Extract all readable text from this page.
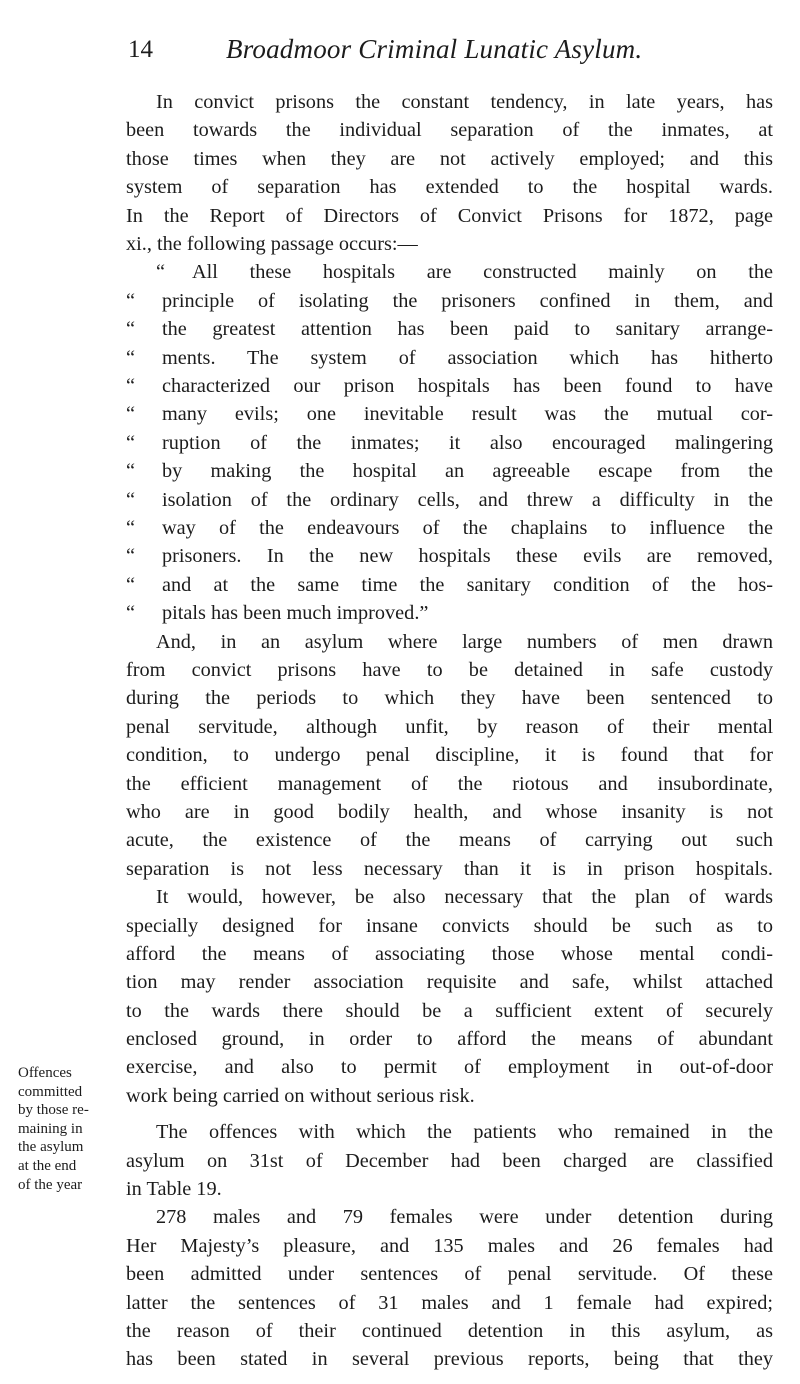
14	Broadmoor Criminal Lunatic Asylum.
In convict prisons the constant tendency, in late years, has
been towards the individual separation of the inmates, at
those times when they are not actively employed; and this
system of separation has extended to the hospital wards.
In the Report of Directors of Convict Prisons for 1872, page
xi., the following passage occurs:—
“	All these hospitals are constructed mainly on the
“	principle of isolating the prisoners confined in them, and
“	the greatest attention has been paid to sanitary arrange-
“	ments. The system of association which has hitherto
“	characterized our prison hospitals has been found to have
“	many evils; one inevitable result was the mutual cor-
“	ruption of the inmates; it also encouraged malingering
“	by making the hospital an agreeable escape from the
“	isolation of the ordinary cells, and threw a difficulty in the
“	way of the endeavours of the chaplains to influence the
“	prisoners. In the new hospitals these evils are removed,
“	and at the same time the sanitary condition of the hos-
“	pitals has been much improved.”
And, in an asylum where large numbers of men drawn
from convict prisons have to be detained in safe custody
during the periods to which they have been sentenced to
penal servitude, although unfit, by reason of their mental
condition, to undergo penal discipline, it is found that for
the efficient management of the riotous and insubordinate,
who are in good bodily health, and whose insanity is not
acute, the existence of the means of carrying out such
separation is not less necessary than it is in prison hospitals.
It would, however, be also necessary that the plan of wards
specially designed for insane convicts should be such as to
afford the means of associating those whose mental condi-
tion may render association requisite and safe, whilst attached
to the wards there should be a sufficient extent of securely
enclosed ground, in order to afford the means of abundant
exercise, and also to permit of employment in out-of-door
work being carried on without serious risk.
The offences with which the patients who remained in the
asylum on 31st of December had been charged are classified
in Table 19.
278 males and 79 females were under detention during
Her Majesty’s pleasure, and 135 males and 26 females had
been admitted under sentences of penal servitude. Of these
latter the sentences of 31 males and 1 female had expired;
the reason of their continued detention in this asylum, as
has been stated in several previous reports, being that they
Offences
committed
by those re-
maining in
the asylum
at the end
of the year
